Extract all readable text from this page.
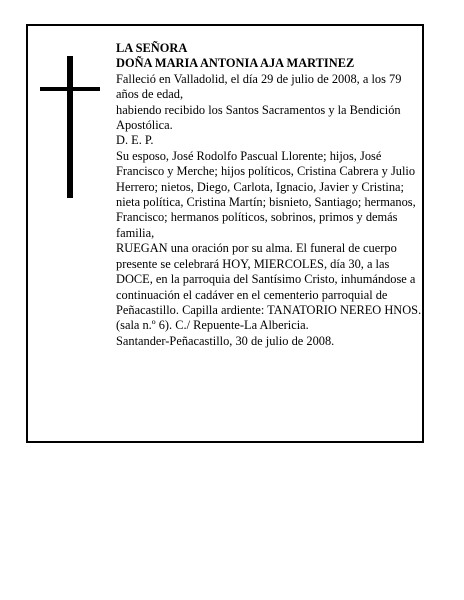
LA SEÑORA

DOÑA MARIA ANTONIA AJA MARTINEZ

Falleció en Valladolid, el día 29 de julio de 2008, a los 79 años de edad,

habiendo recibido los Santos Sacramentos y la Bendición Apostólica.

D. E. P.

Su esposo, José Rodolfo Pascual Llorente; hijos, José Francisco y Merche; hijos políticos, Cristina Cabrera y Julio Herrero; nietos, Diego, Carlota, Ignacio, Javier y Cristina; nieta política, Cristina Martín; bisnieto, Santiago; hermanos, Francisco; hermanos políticos, sobrinos, primos y demás familia,

RUEGAN una oración por su alma. El funeral de cuerpo presente se celebrará HOY, MIERCOLES, día 30, a las DOCE, en la parroquia del Santísimo Cristo, inhumándose a continuación el cadáver en el cementerio parroquial de Peñacastillo. Capilla ardiente: TANATORIO NEREO HNOS. (sala n.º 6). C./ Repuente-La Albericia.

Santander-Peñacastillo, 30 de julio de 2008.
